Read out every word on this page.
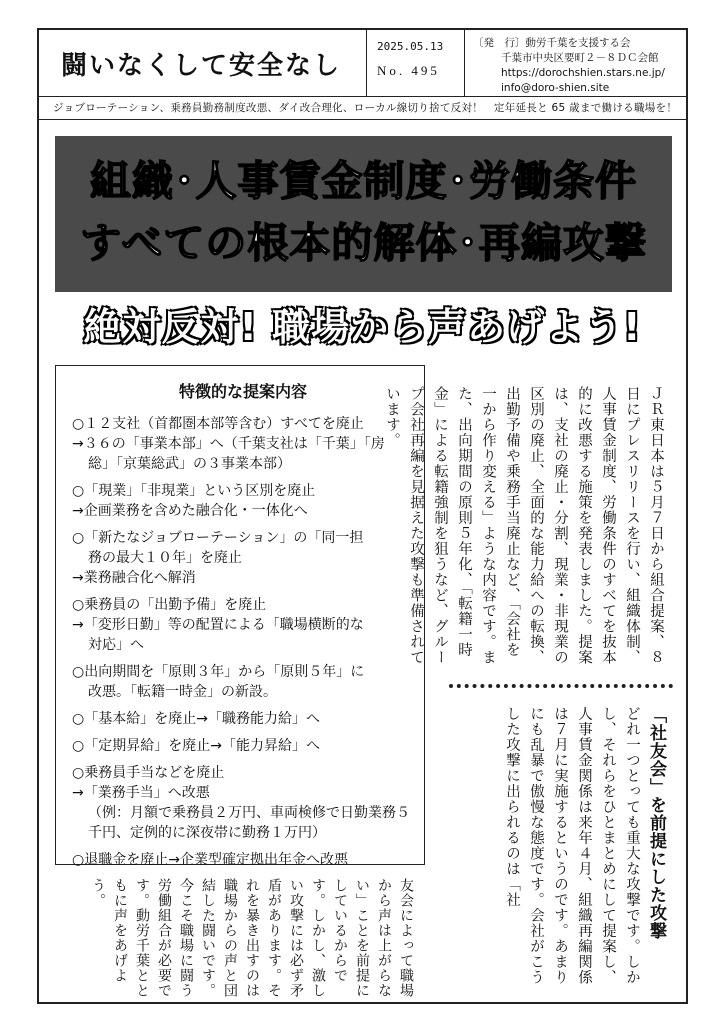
闘いなくして安全なし
2025.05.13
No. 495
〔発　行〕動労千葉を支援する会
千葉市中央区要町２－８ＤＣ会館
https://dorochshien.stars.ne.jp/
info@doro-shien.site
ジョブローテーション、乗務員勤務制度改悪、ダイ改合理化、ローカル線切り捨て反対！　定年延長と 65 歳まで働ける職場を！
組織･人事賃金制度･労働条件
すべての根本的解体･再編攻撃
絶対反対! 職場から声あげよう!
特徴的な提案内容
○１２支社（首都圏本部等含む）すべてを廃止
→３６の「事業本部」へ（千葉支社は「千葉」「房
総」「京葉総武」の３事業本部）
○「現業」「非現業」という区別を廃止
→企画業務を含めた融合化・一体化へ
○「新たなジョブローテーション」の「同一担
務の最大１０年」を廃止
→業務融合化へ解消
○乗務員の「出勤予備」を廃止
→「変形日勤」等の配置による「職場横断的な
対応」へ
○出向期間を「原則３年」から「原則５年」に
改悪。「転籍一時金」の新設。
○「基本給」を廃止→「職務能力給」へ
○「定期昇給」を廃止→「能力昇給」へ
○乗務員手当などを廃止
→「業務手当」へ改悪
（例：月額で乗務員２万円、車両検修で日勤業務５千円、定例的に深夜帯に勤務１万円）
○退職金を廃止→企業型確定拠出年金へ改悪
ＪＲ東日本は５月７日から組合提案、８日にプレスリリースを行い、組織体制、人事賃金制度、労働条件のすべてを抜本的に改悪する施策を発表しました。提案は、支社の廃止・分割、現業・非現業の区別の廃止、全面的な能力給への転換、出勤予備や乗務手当廃止など、「会社を一から作り変える」ような内容です。また、出向期間の原則５年化、「転籍一時金」による転籍強制を狙うなど、グループ会社再編を見据えた攻撃も準備されています。
「社友会」を前提にした攻撃
どれ一つとっても重大な攻撃です。しかし、それらをひとまとめにして提案し、人事賃金関係は来年４月、組織再編関係は７月に実施するというのです。あまりにも乱暴で傲慢な態度です。会社がこうした攻撃に出られるのは「社
友会によって職場から声は上がらない」ことを前提にしているからです。しかし、激しい攻撃には必ず矛盾があります。それを暴き出すのは職場からの声と団結した闘いです。今こそ職場に闘う労働組合が必要です。動労千葉とともに声をあげよう。
